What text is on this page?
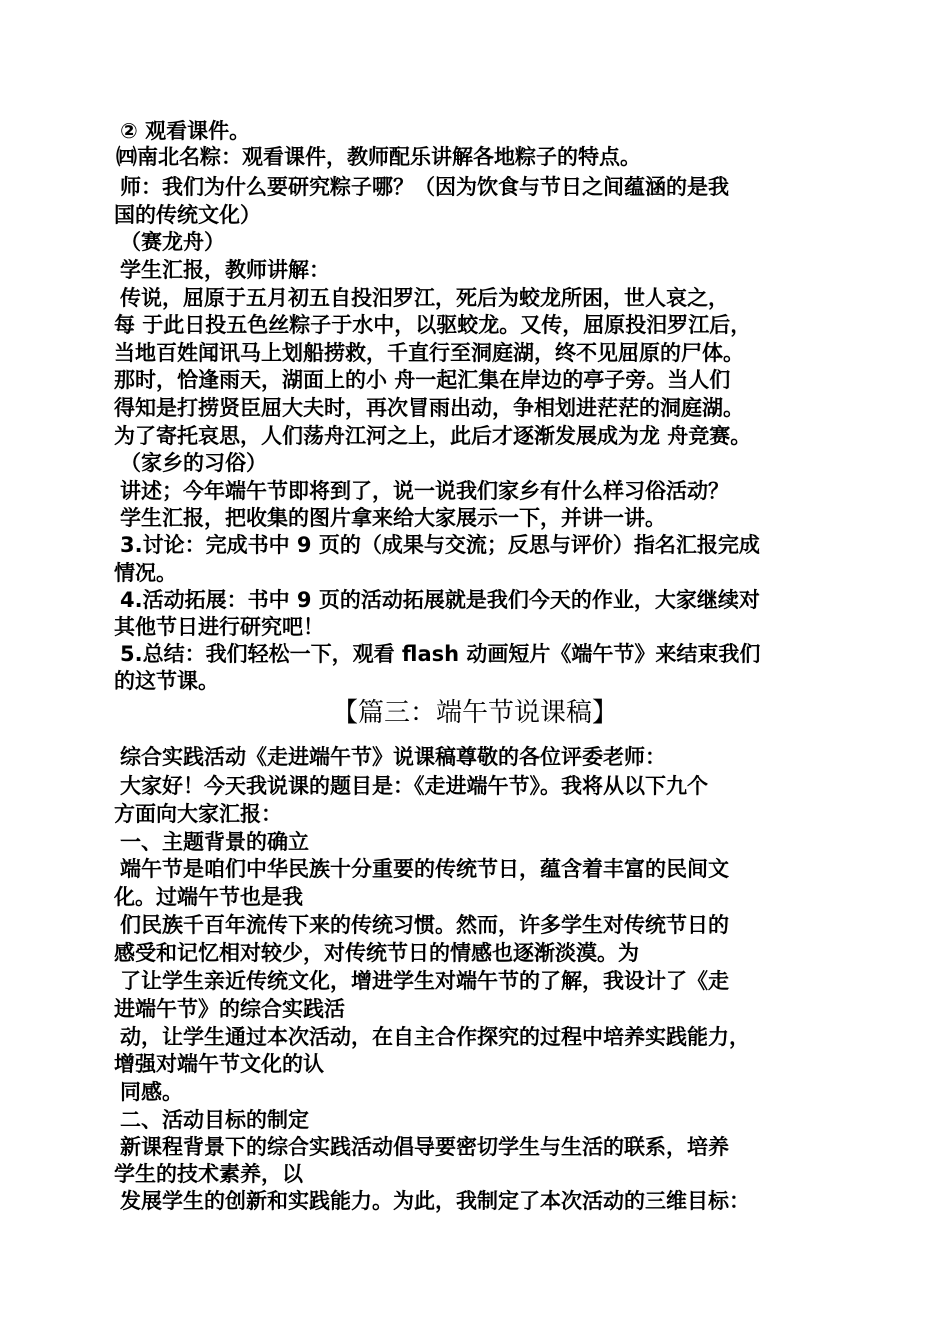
② 观看课件。
㈣南北名粽：观看课件，教师配乐讲解各地粽子的特点。
师：我们为什么要研究粽子哪？（因为饮食与节日之间蕴涵的是我
国的传统文化）
（赛龙舟）
学生汇报，教师讲解：
传说，屈原于五月初五自投汨罗江，死后为蛟龙所困，世人哀之，
每 于此日投五色丝粽子于水中，以驱蛟龙。又传，屈原投汨罗江后，
当地百姓闻讯马上划船捞救，千直行至洞庭湖，终不见屈原的尸体。
那时，恰逢雨天，湖面上的小 舟一起汇集在岸边的亭子旁。当人们
得知是打捞贤臣屈大夫时，再次冒雨出动，争相划进茫茫的洞庭湖。
为了寄托哀思，人们荡舟江河之上，此后才逐渐发展成为龙 舟竞赛。
（家乡的习俗）
讲述；今年端午节即将到了，说一说我们家乡有什么样习俗活动？
学生汇报，把收集的图片拿来给大家展示一下，并讲一讲。
3.讨论：完成书中 9 页的（成果与交流；反思与评价）指名汇报完成
情况。
4.活动拓展：书中 9 页的活动拓展就是我们今天的作业，大家继续对
其他节日进行研究吧！
5.总结：我们轻松一下，观看 flash 动画短片《端午节》来结束我们
的这节课。
【篇三：端午节说课稿】
综合实践活动《走进端午节》说课稿尊敬的各位评委老师：
大家好！今天我说课的题目是：《走进端午节》。我将从以下九个
方面向大家汇报：
一、主题背景的确立
端午节是咱们中华民族十分重要的传统节日，蕴含着丰富的民间文
化。过端午节也是我
们民族千百年流传下来的传统习惯。然而，许多学生对传统节日的
感受和记忆相对较少，对传统节日的情感也逐渐淡漠。为
了让学生亲近传统文化，增进学生对端午节的了解，我设计了《走
进端午节》的综合实践活
动，让学生通过本次活动，在自主合作探究的过程中培养实践能力，
增强对端午节文化的认
同感。
二、活动目标的制定
新课程背景下的综合实践活动倡导要密切学生与生活的联系，培养
学生的技术素养，以
发展学生的创新和实践能力。为此，我制定了本次活动的三维目标：
